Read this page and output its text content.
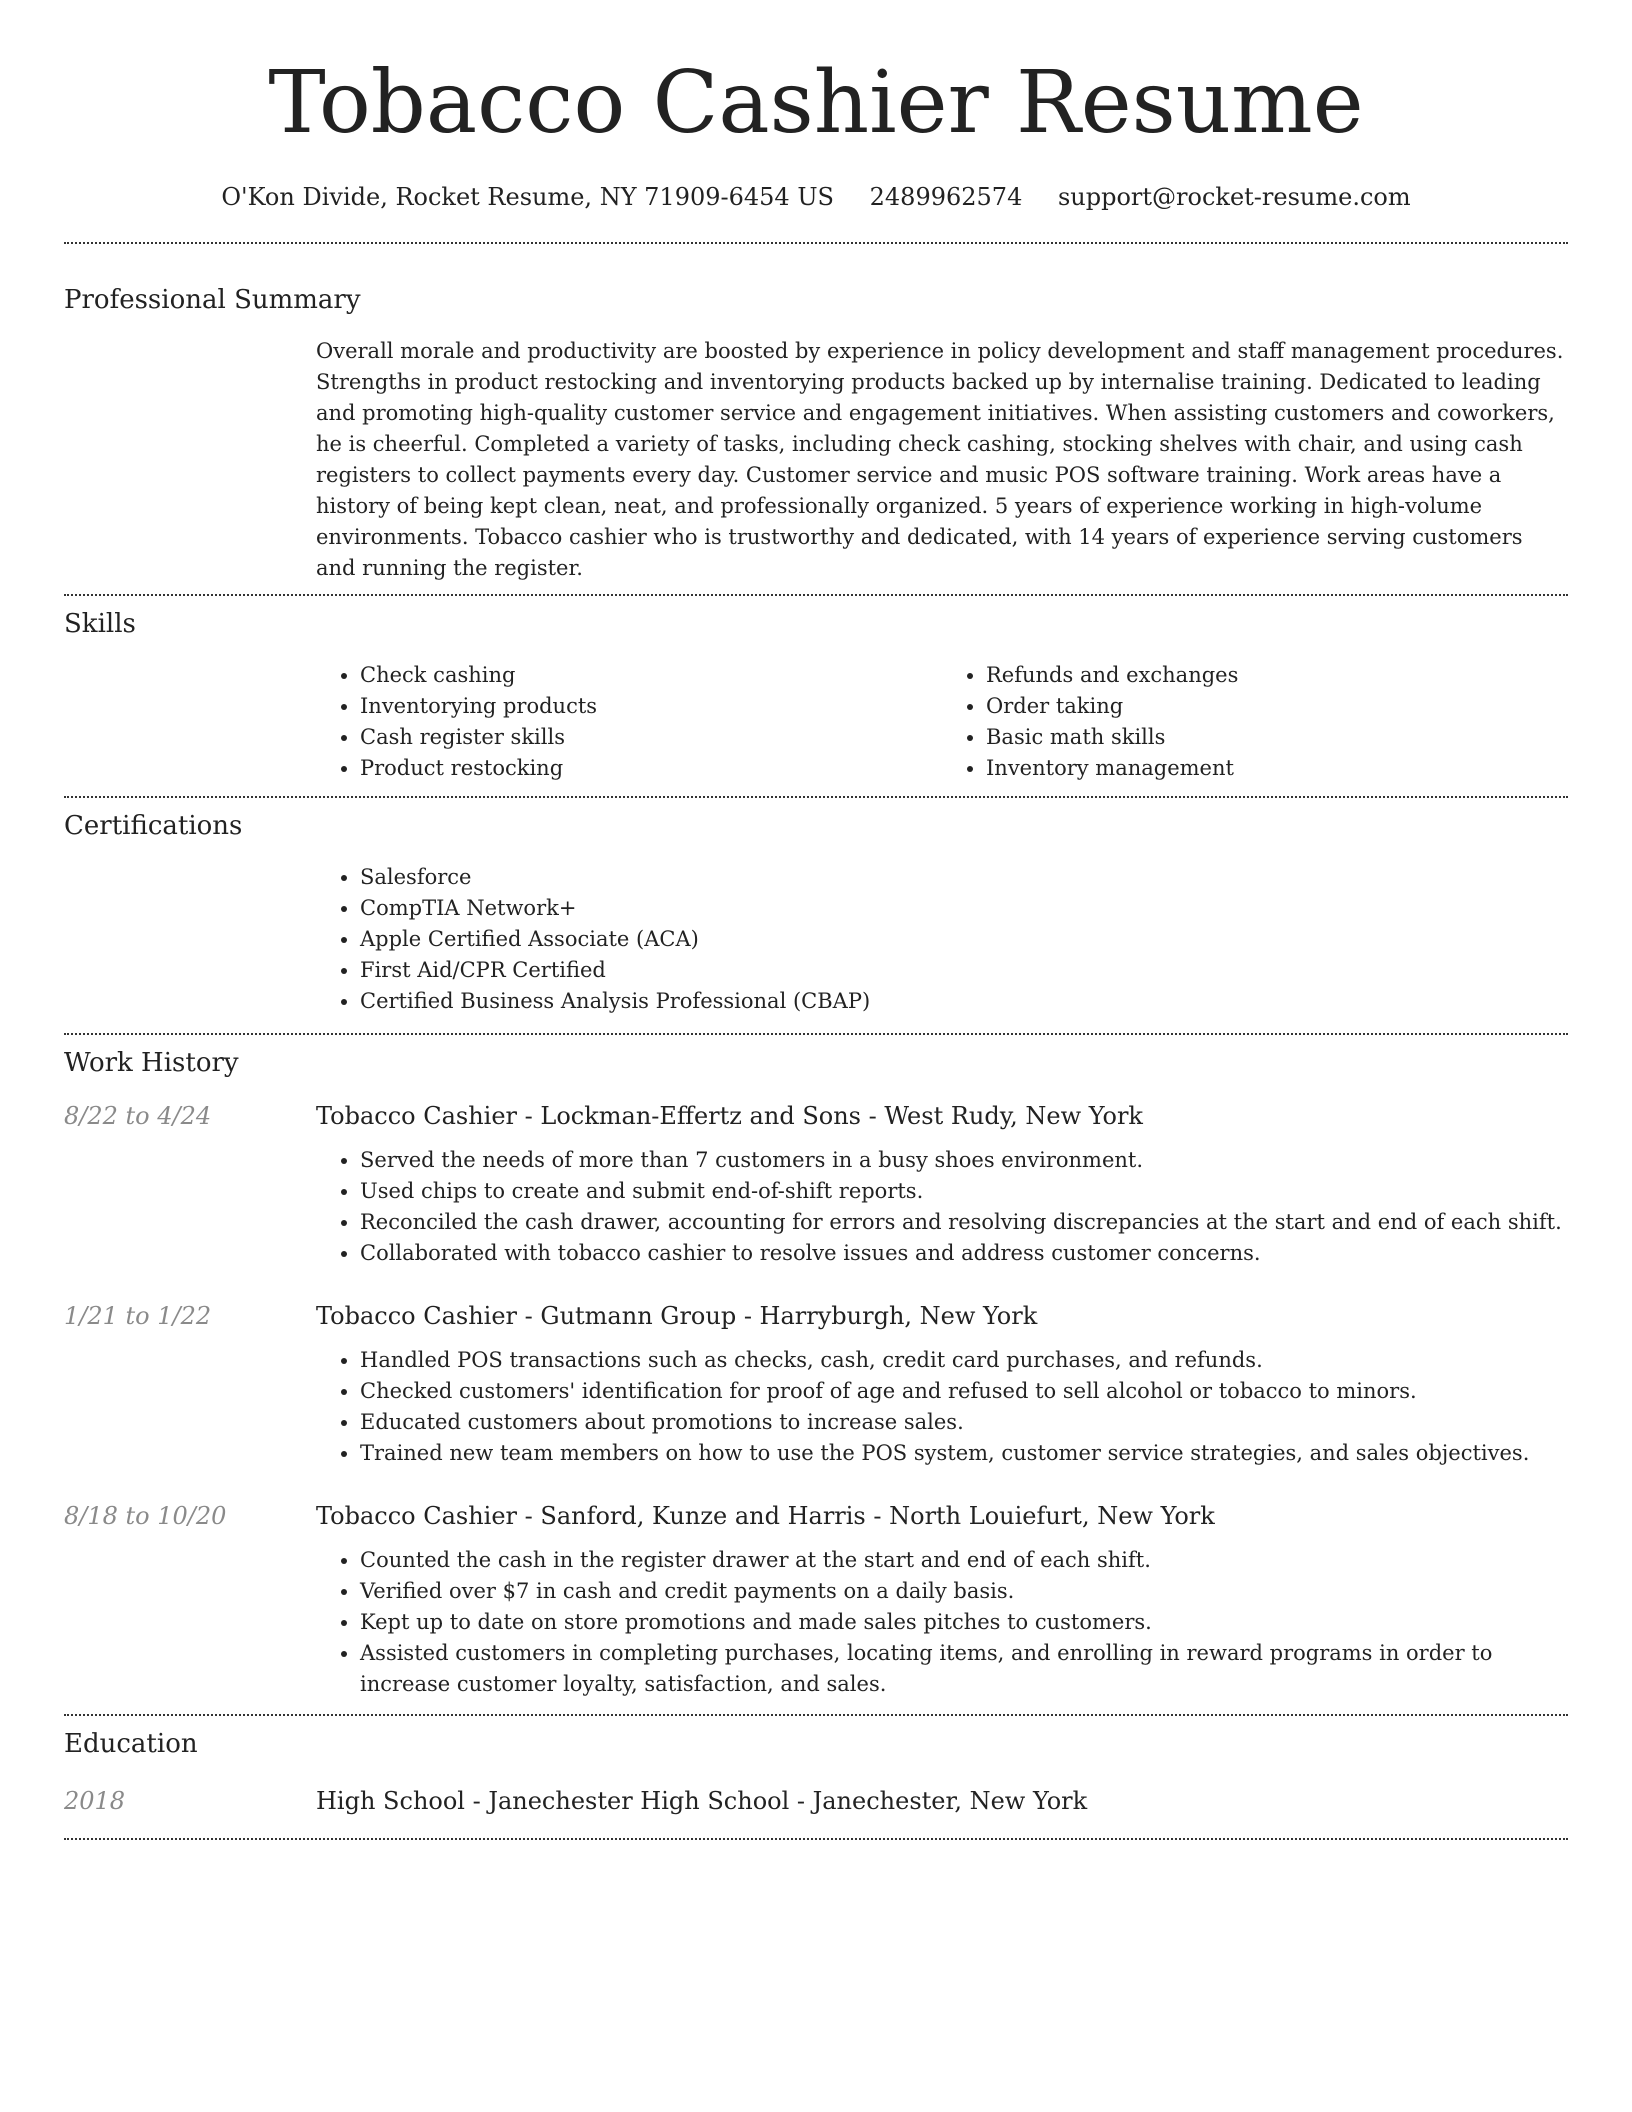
Tobacco Cashier Resume
O'Kon Divide, Rocket Resume, NY 71909-6454 US 2489962574 support@rocket-resume.com
Professional Summary
Overall morale and productivity are boosted by experience in policy development and staff management procedures. Strengths in product restocking and inventorying products backed up by internalise training. Dedicated to leading and promoting high-quality customer service and engagement initiatives. When assisting customers and coworkers, he is cheerful. Completed a variety of tasks, including check cashing, stocking shelves with chair, and using cash registers to collect payments every day. Customer service and music POS software training. Work areas have a history of being kept clean, neat, and professionally organized. 5 years of experience working in high-volume environments. Tobacco cashier who is trustworthy and dedicated, with 14 years of experience serving customers and running the register.
Skills
• Check cashing
• Inventorying products
• Cash register skills
• Product restocking
• Refunds and exchanges
• Order taking
• Basic math skills
• Inventory management
Certifications
• Salesforce
• CompTIA Network+
• Apple Certified Associate (ACA)
• First Aid/CPR Certified
• Certified Business Analysis Professional (CBAP)
Work History
8/22 to 4/24	Tobacco Cashier - Lockman-Effertz and Sons - West Rudy, New York
• Served the needs of more than 7 customers in a busy shoes environment.
• Used chips to create and submit end-of-shift reports.
• Reconciled the cash drawer, accounting for errors and resolving discrepancies at the start and end of each shift.
• Collaborated with tobacco cashier to resolve issues and address customer concerns.
1/21 to 1/22	Tobacco Cashier - Gutmann Group - Harryburgh, New York
• Handled POS transactions such as checks, cash, credit card purchases, and refunds.
• Checked customers' identification for proof of age and refused to sell alcohol or tobacco to minors.
• Educated customers about promotions to increase sales.
• Trained new team members on how to use the POS system, customer service strategies, and sales objectives.
8/18 to 10/20	Tobacco Cashier - Sanford, Kunze and Harris - North Louiefurt, New York
• Counted the cash in the register drawer at the start and end of each shift.
• Verified over $7 in cash and credit payments on a daily basis.
• Kept up to date on store promotions and made sales pitches to customers.
• Assisted customers in completing purchases, locating items, and enrolling in reward programs in order to increase customer loyalty, satisfaction, and sales.
Education
2018	High School - Janechester High School - Janechester, New York
